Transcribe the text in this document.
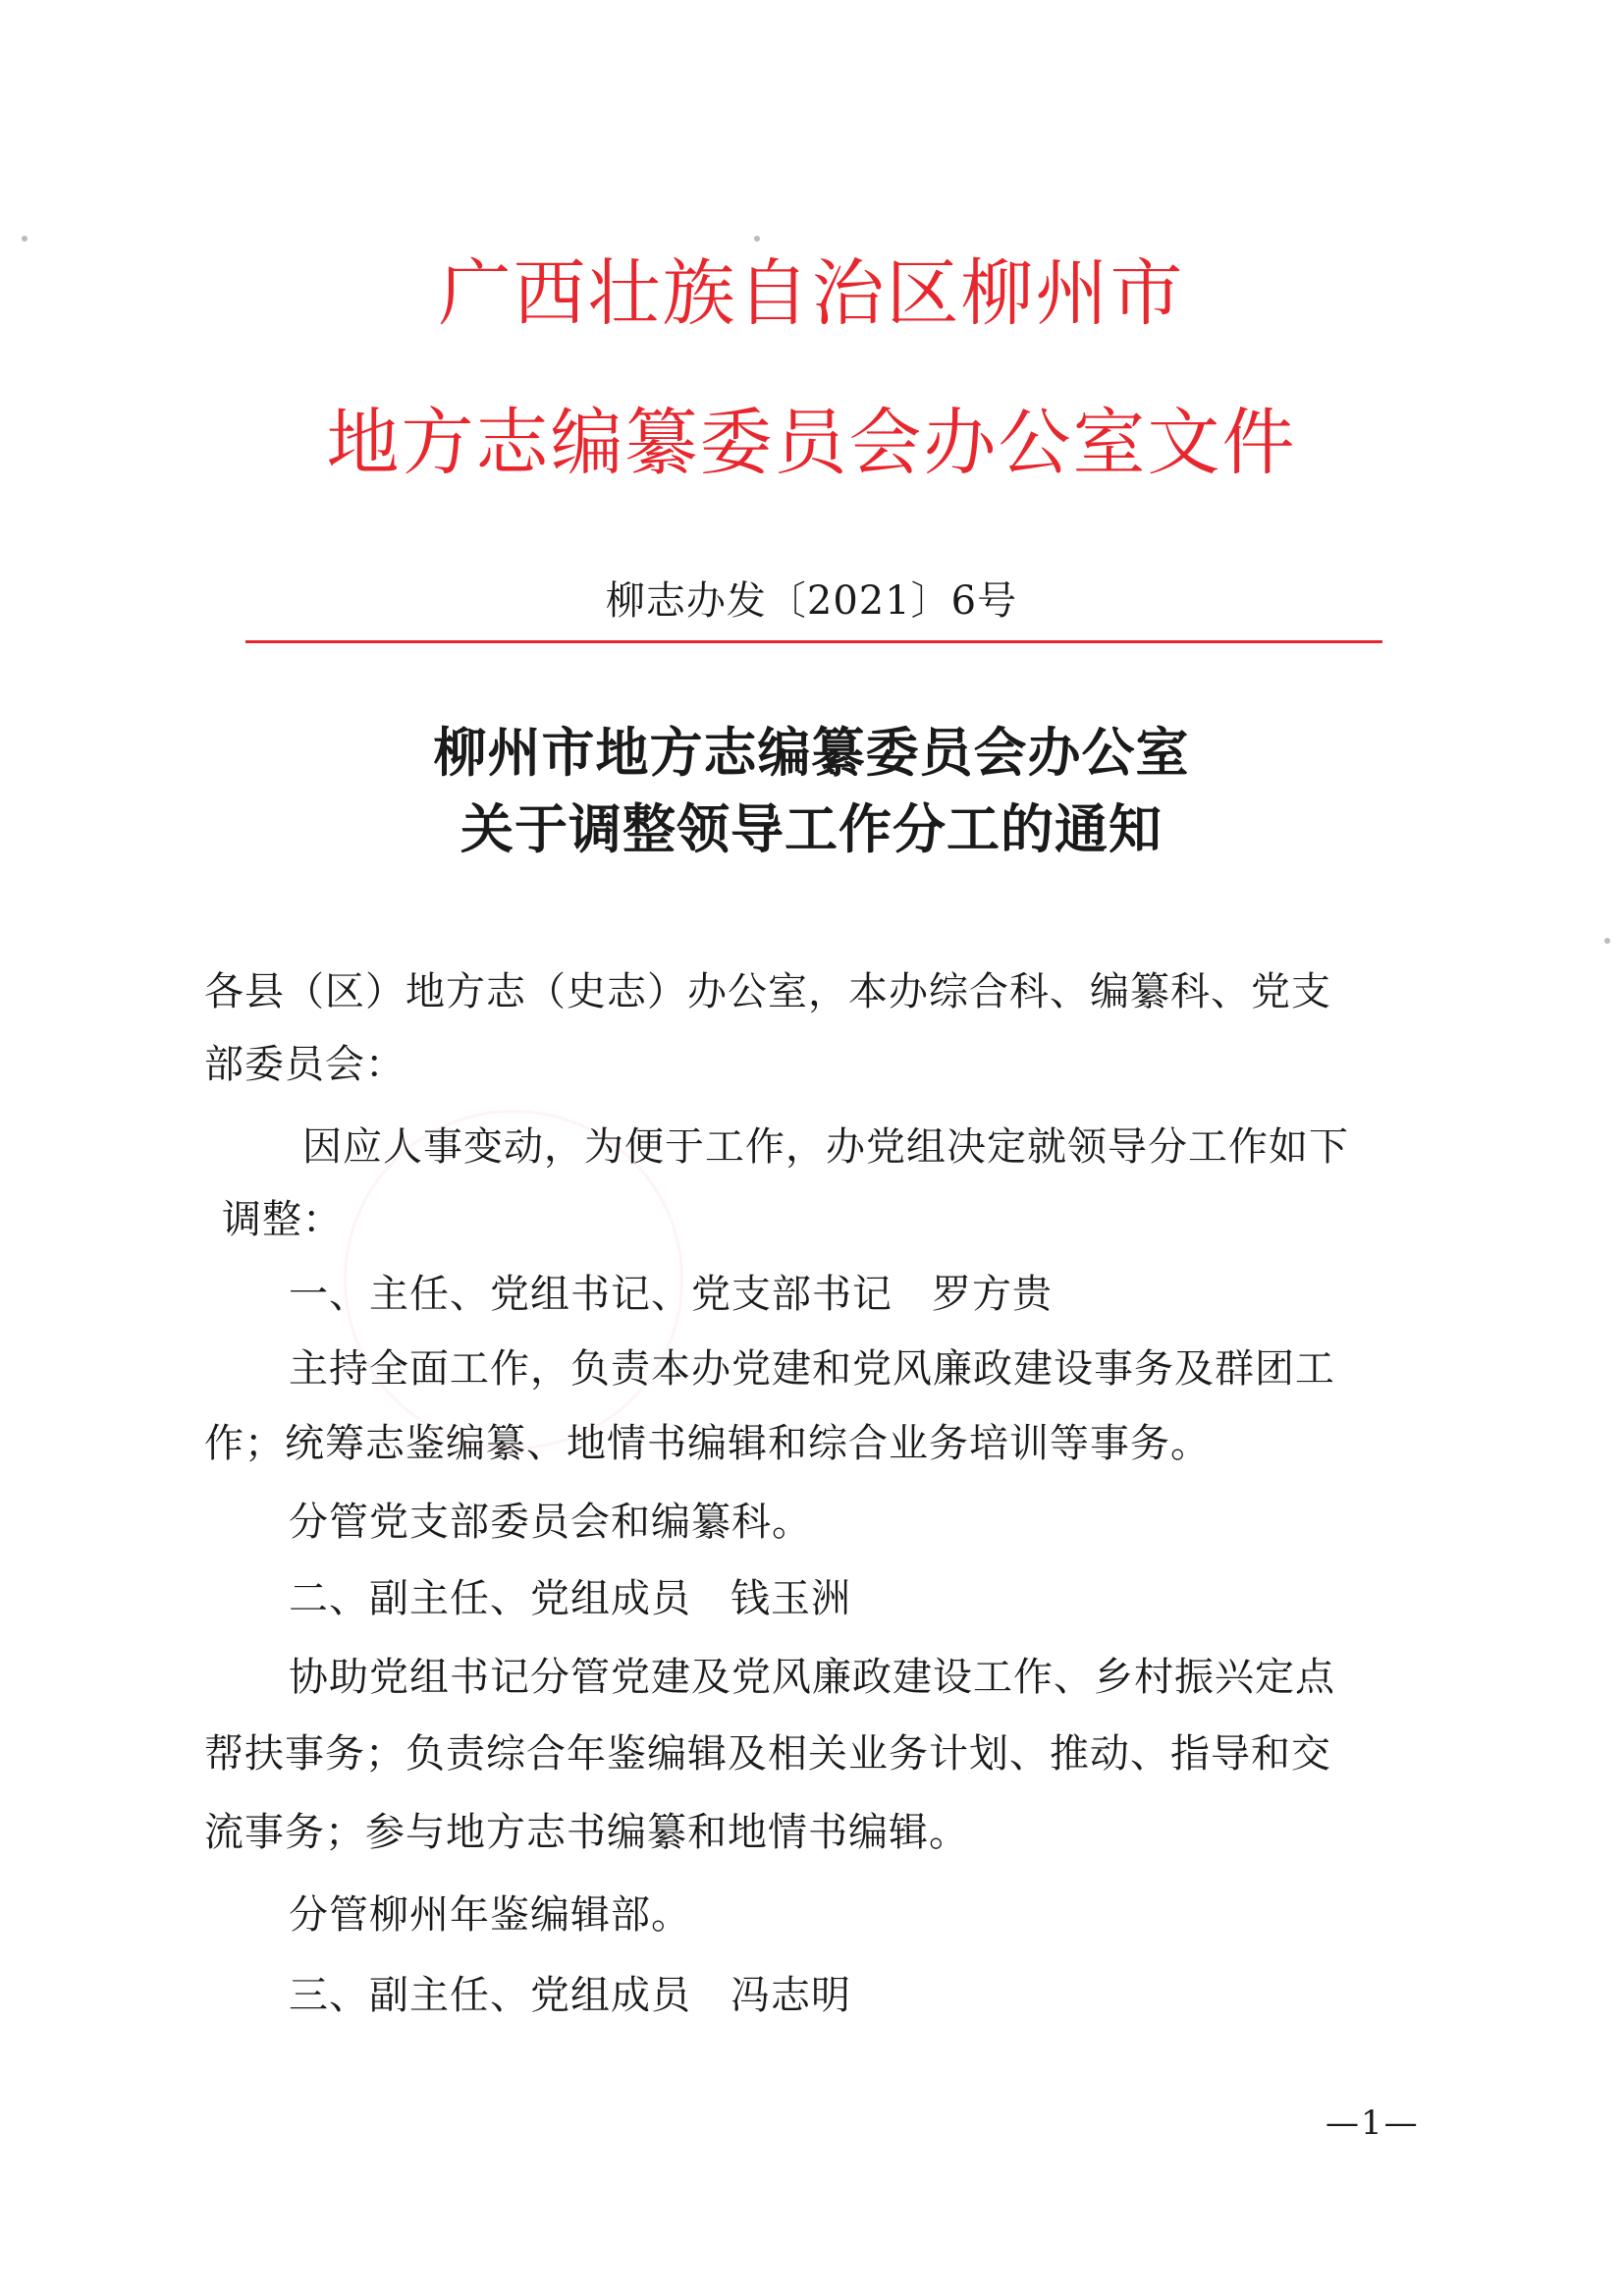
广西壮族自治区柳州市
地方志编纂委员会办公室文件
柳志办发〔2021〕6号
柳州市地方志编纂委员会办公室
关于调整领导工作分工的通知
各县（区）地方志（史志）办公室，本办综合科、编纂科、党支
部委员会：
因应人事变动，为便于工作，办党组决定就领导分工作如下
调整：
一、主任、党组书记、党支部书记 罗方贵
主持全面工作，负责本办党建和党风廉政建设事务及群团工
作；统筹志鉴编纂、地情书编辑和综合业务培训等事务。
分管党支部委员会和编纂科。
二、副主任、党组成员 钱玉洲
协助党组书记分管党建及党风廉政建设工作、乡村振兴定点
帮扶事务；负责综合年鉴编辑及相关业务计划、推动、指导和交
流事务；参与地方志书编纂和地情书编辑。
分管柳州年鉴编辑部。
三、副主任、党组成员 冯志明
—1—
